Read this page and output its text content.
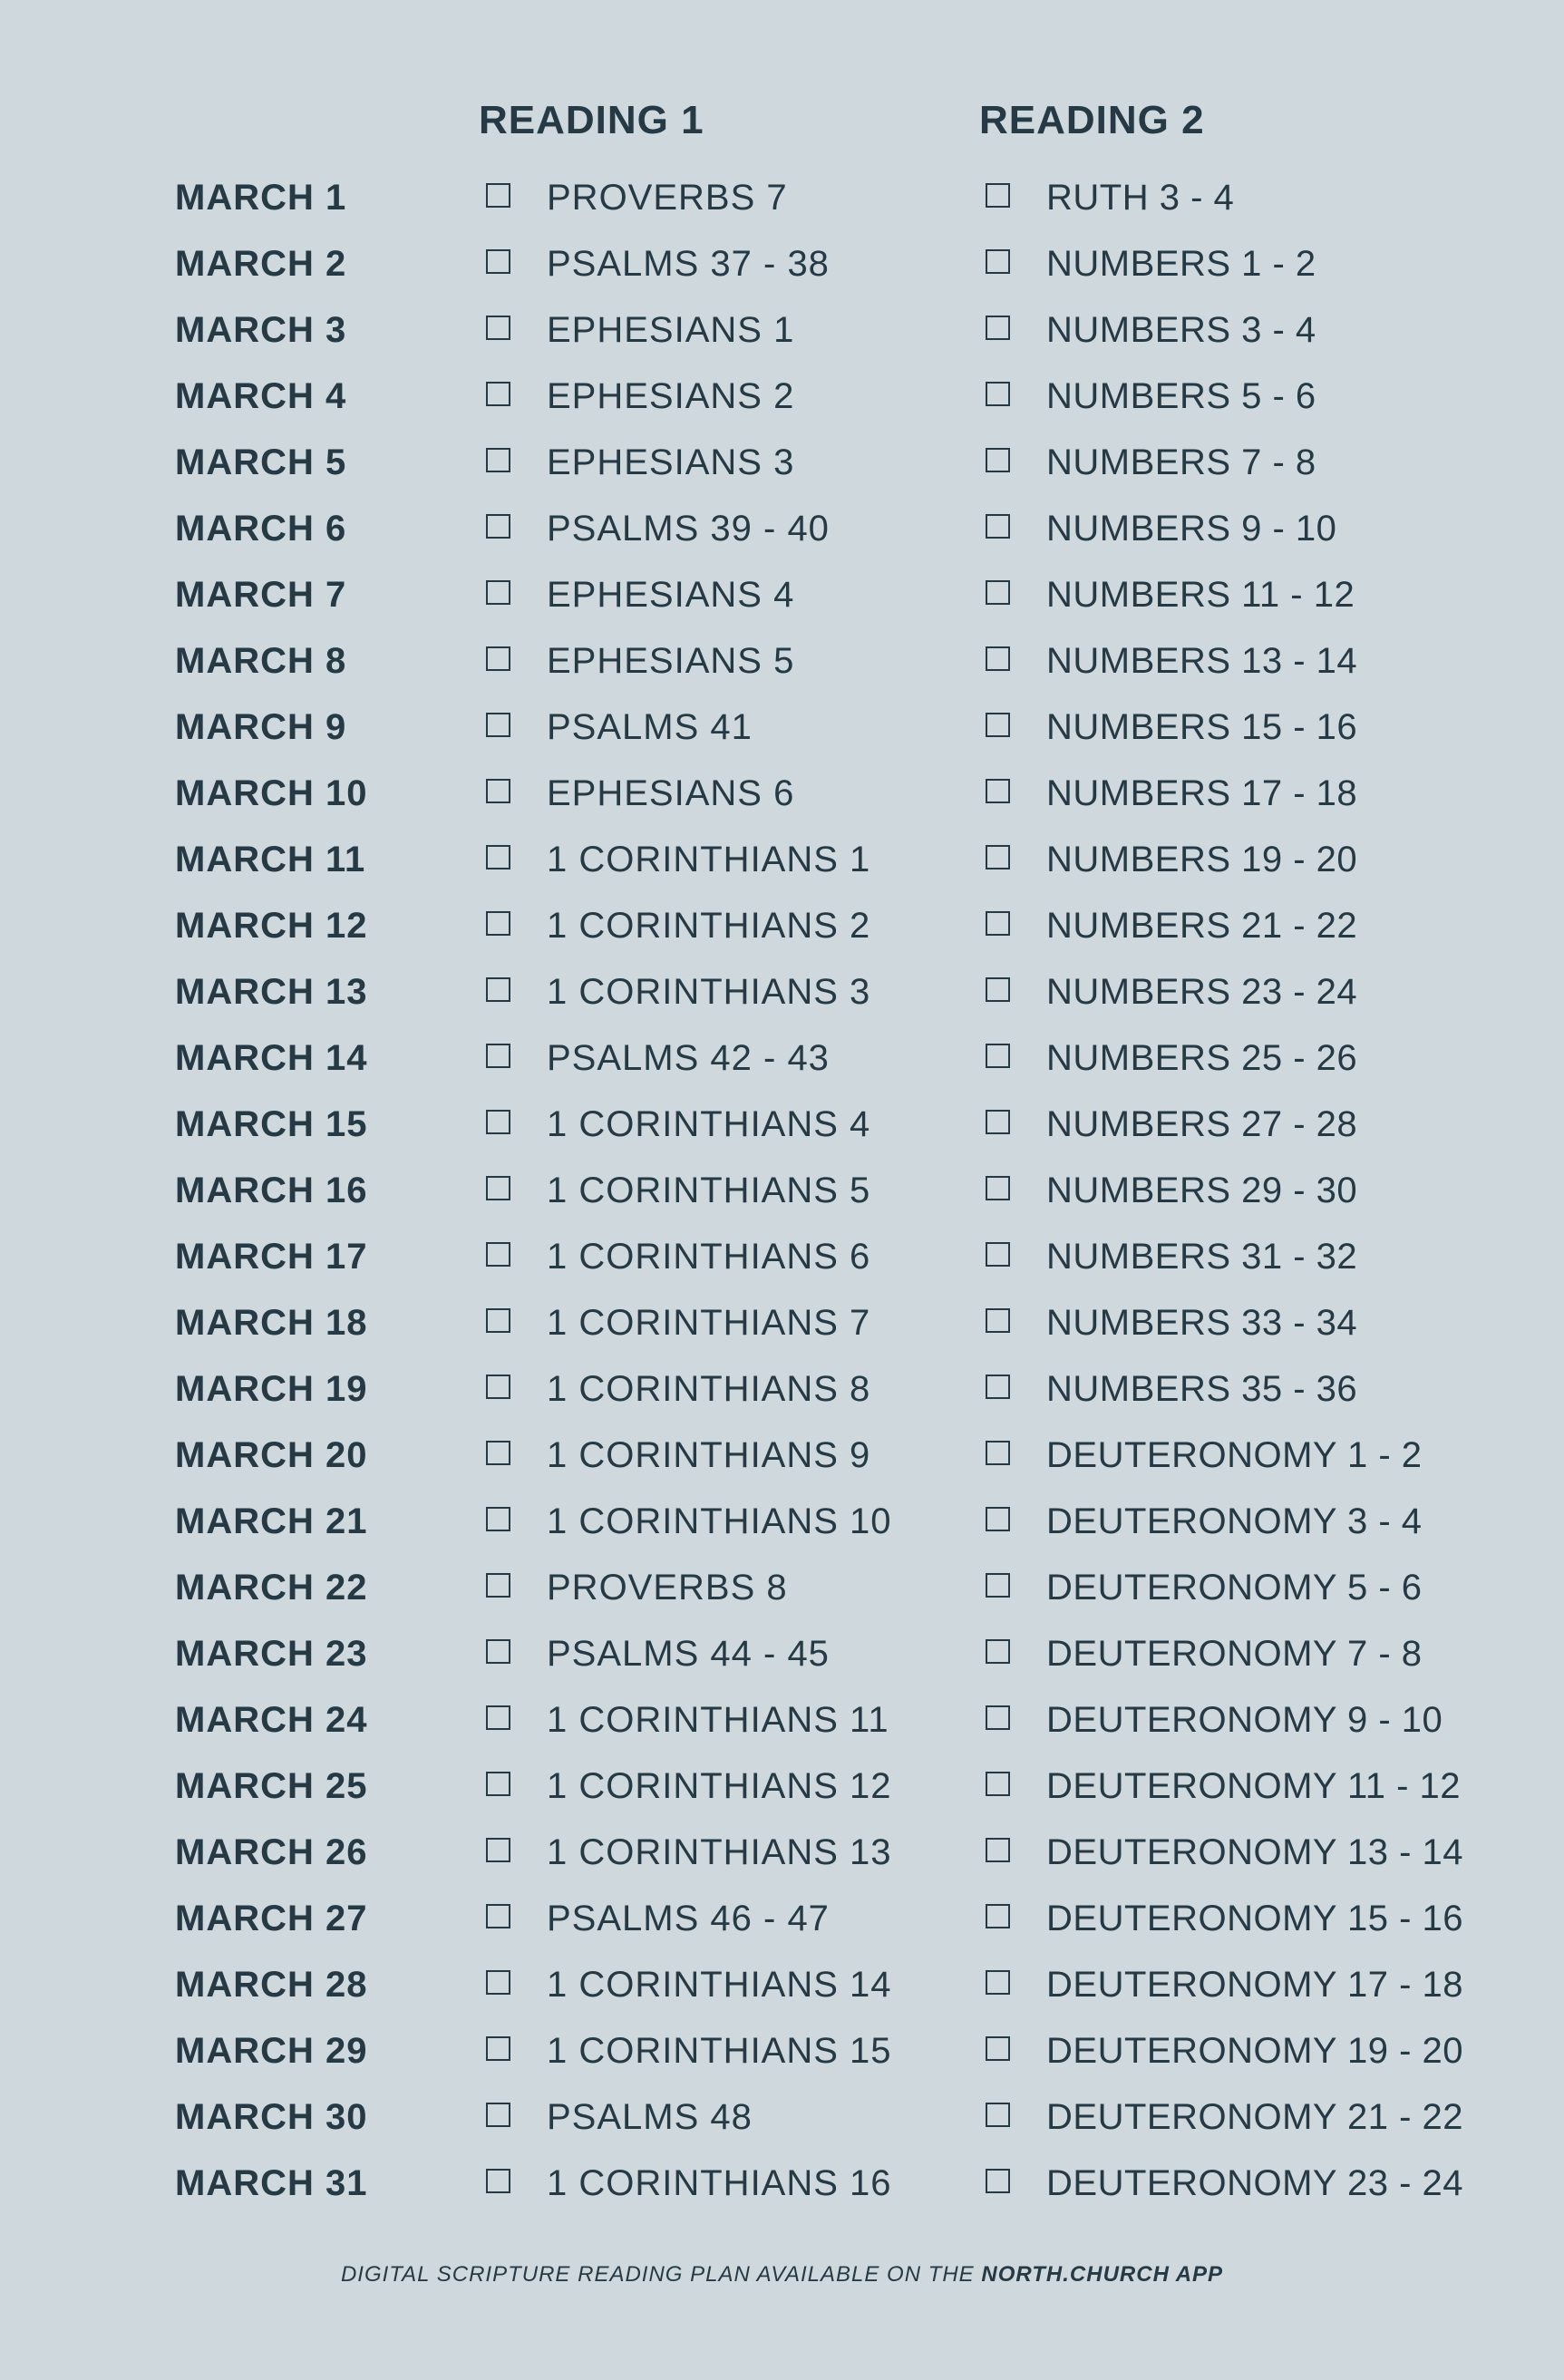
READING 1	READING 2
MARCH 1	PROVERBS 7	RUTH 3 - 4
MARCH 2	PSALMS 37 - 38	NUMBERS 1 - 2
MARCH 3	EPHESIANS 1	NUMBERS 3 - 4
MARCH 4	EPHESIANS 2	NUMBERS 5 - 6
MARCH 5	EPHESIANS 3	NUMBERS 7 - 8
MARCH 6	PSALMS 39 - 40	NUMBERS 9 - 10
MARCH 7	EPHESIANS 4	NUMBERS 11 - 12
MARCH 8	EPHESIANS 5	NUMBERS 13 - 14
MARCH 9	PSALMS 41	NUMBERS 15 - 16
MARCH 10	EPHESIANS 6	NUMBERS 17 - 18
MARCH 11	1 CORINTHIANS 1	NUMBERS 19 - 20
MARCH 12	1 CORINTHIANS 2	NUMBERS 21 - 22
MARCH 13	1 CORINTHIANS 3	NUMBERS 23 - 24
MARCH 14	PSALMS 42 - 43	NUMBERS 25 - 26
MARCH 15	1 CORINTHIANS 4	NUMBERS 27 - 28
MARCH 16	1 CORINTHIANS 5	NUMBERS 29 - 30
MARCH 17	1 CORINTHIANS 6	NUMBERS 31 - 32
MARCH 18	1 CORINTHIANS 7	NUMBERS 33 - 34
MARCH 19	1 CORINTHIANS 8	NUMBERS 35 - 36
MARCH 20	1 CORINTHIANS 9	DEUTERONOMY 1 - 2
MARCH 21	1 CORINTHIANS 10	DEUTERONOMY 3 - 4
MARCH 22	PROVERBS 8	DEUTERONOMY 5 - 6
MARCH 23	PSALMS 44 - 45	DEUTERONOMY 7 - 8
MARCH 24	1 CORINTHIANS 11	DEUTERONOMY 9 - 10
MARCH 25	1 CORINTHIANS 12	DEUTERONOMY 11 - 12
MARCH 26	1 CORINTHIANS 13	DEUTERONOMY 13 - 14
MARCH 27	PSALMS 46 - 47	DEUTERONOMY 15 - 16
MARCH 28	1 CORINTHIANS 14	DEUTERONOMY 17 - 18
MARCH 29	1 CORINTHIANS 15	DEUTERONOMY 19 - 20
MARCH 30	PSALMS 48	DEUTERONOMY 21 - 22
MARCH 31	1 CORINTHIANS 16	DEUTERONOMY 23 - 24
DIGITAL SCRIPTURE READING PLAN AVAILABLE ON THE NORTH.CHURCH APP
